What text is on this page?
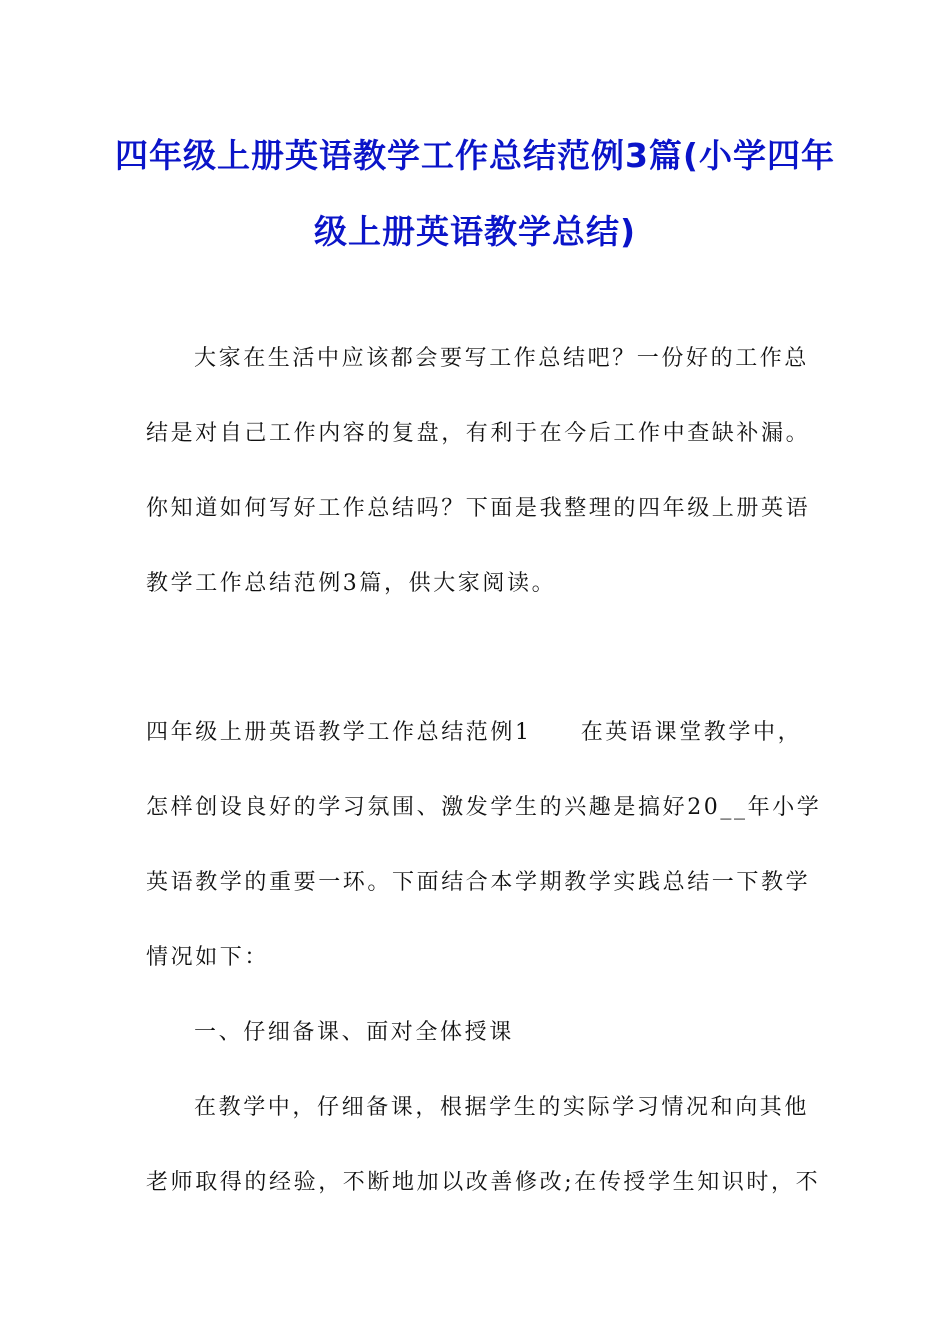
四年级上册英语教学工作总结范例3篇(小学四年级上册英语教学总结)
大家在生活中应该都会要写工作总结吧？一份好的工作总
结是对自己工作内容的复盘，有利于在今后工作中查缺补漏。
你知道如何写好工作总结吗？下面是我整理的四年级上册英语
教学工作总结范例3篇，供大家阅读。
四年级上册英语教学工作总结范例1　　在英语课堂教学中，
怎样创设良好的学习氛围、激发学生的兴趣是搞好20__年小学
英语教学的重要一环。下面结合本学期教学实践总结一下教学
情况如下：
一、仔细备课、面对全体授课
在教学中，仔细备课，根据学生的实际学习情况和向其他
老师取得的经验，不断地加以改善修改;在传授学生知识时，不
